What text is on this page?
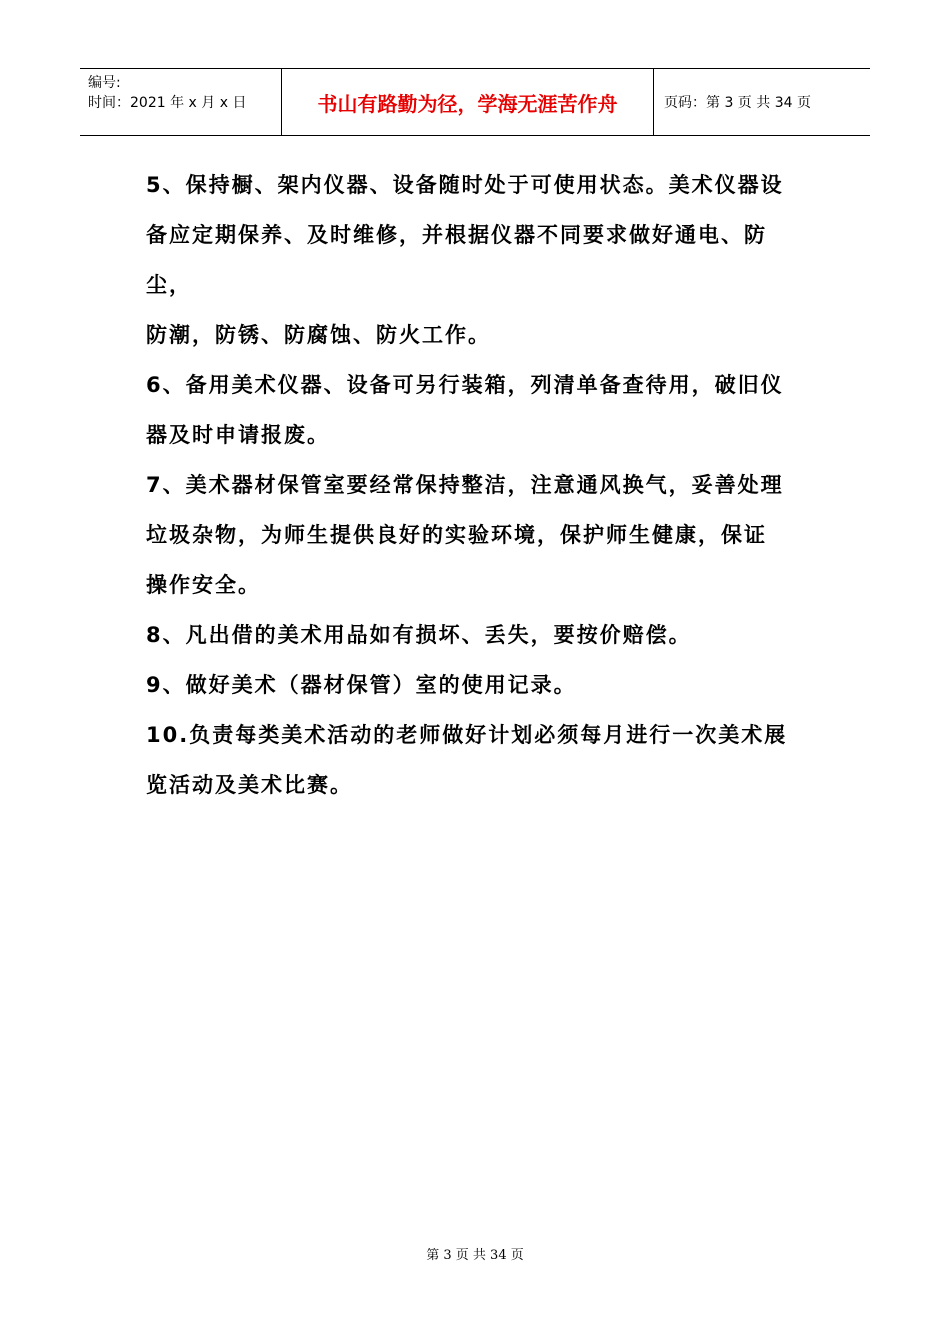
编号:
时间：2021 年 x 月 x 日	书山有路勤为径，学海无涯苦作舟	页码：第 3 页 共 34 页
5、保持橱、架内仪器、设备随时处于可使用状态。美术仪器设
备应定期保养、及时维修，并根据仪器不同要求做好通电、防
尘，
防潮，防锈、防腐蚀、防火工作。
6、备用美术仪器、设备可另行装箱，列清单备查待用，破旧仪
器及时申请报废。
7、美术器材保管室要经常保持整洁，注意通风换气，妥善处理
垃圾杂物，为师生提供良好的实验环境，保护师生健康，保证
操作安全。
8、凡出借的美术用品如有损坏、丢失，要按价赔偿。
9、做好美术（器材保管）室的使用记录。
10.负责每类美术活动的老师做好计划必须每月进行一次美术展
览活动及美术比赛。
第 3 页 共 34 页
